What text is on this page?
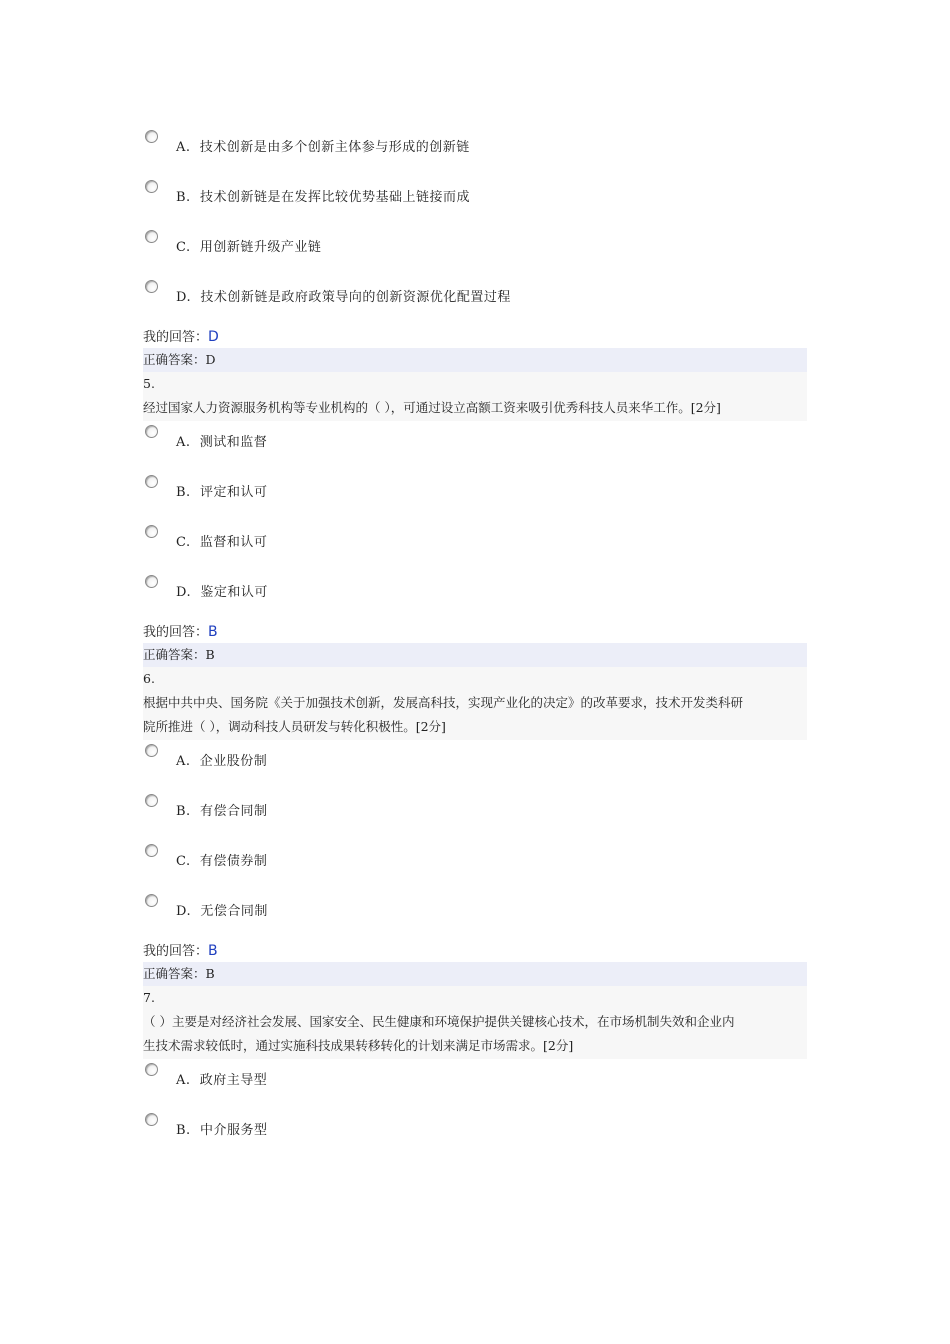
A. 技术创新是由多个创新主体参与形成的创新链
B. 技术创新链是在发挥比较优势基础上链接而成
C. 用创新链升级产业链
D. 技术创新链是政府政策导向的创新资源优化配置过程
我的回答：D
正确答案：D
5.
经过国家人力资源服务机构等专业机构的（ ），可通过设立高额工资来吸引优秀科技人员来华工作。[2分]
A. 测试和监督
B. 评定和认可
C. 监督和认可
D. 鉴定和认可
我的回答：B
正确答案：B
6.
根据中共中央、国务院《关于加强技术创新，发展高科技，实现产业化的决定》的改革要求，技术开发类科研
院所推进（ ），调动科技人员研发与转化积极性。[2分]
A. 企业股份制
B. 有偿合同制
C. 有偿债券制
D. 无偿合同制
我的回答：B
正确答案：B
7.
（ ）主要是对经济社会发展、国家安全、民生健康和环境保护提供关键核心技术，在市场机制失效和企业内
生技术需求较低时，通过实施科技成果转移转化的计划来满足市场需求。[2分]
A. 政府主导型
B. 中介服务型
